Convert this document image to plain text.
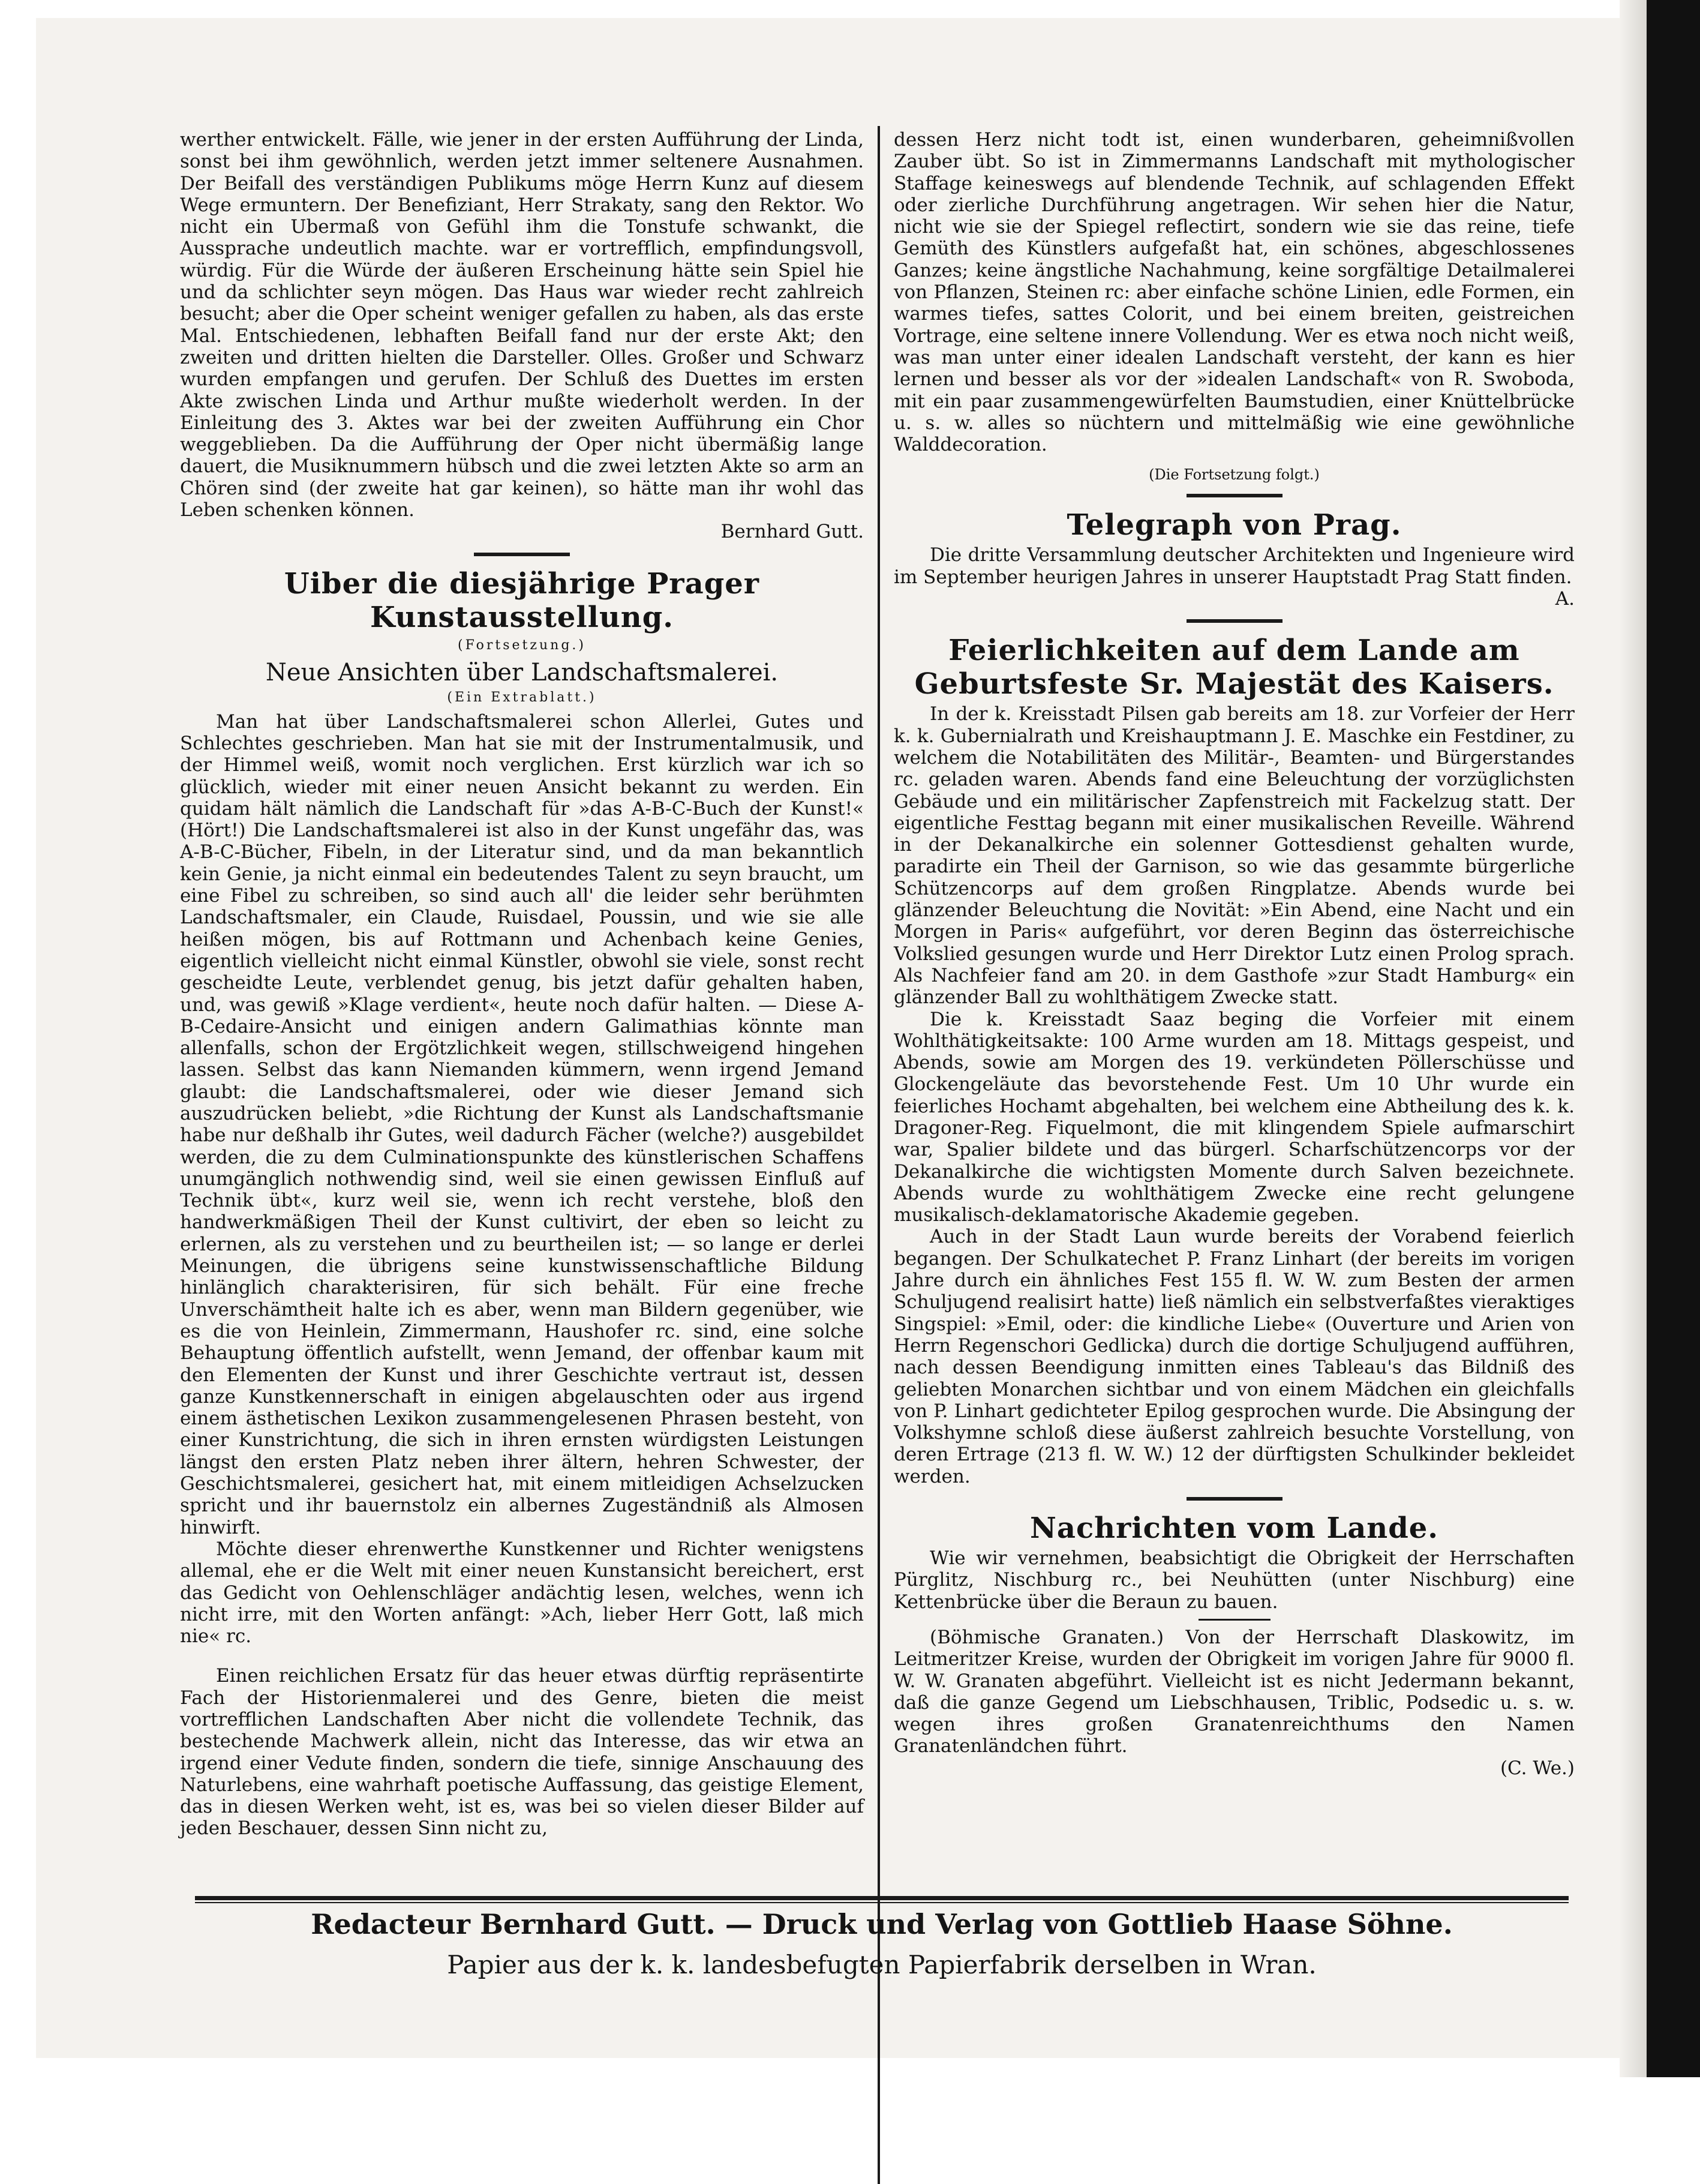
werther entwickelt. Fälle, wie jener in der ersten Aufführung der Linda, sonst bei ihm gewöhnlich, werden jetzt immer seltenere Ausnahmen. Der Beifall des verständigen Publikums möge Herrn Kunz auf diesem Wege ermuntern. Der Benefiziant, Herr Strakaty, sang den Rektor. Wo nicht ein Ubermaß von Gefühl ihm die Tonstufe schwankt, die Aussprache undeutlich machte. war er vortrefflich, empfindungsvoll, würdig. Für die Würde der äußeren Erscheinung hätte sein Spiel hie und da schlichter seyn mögen. Das Haus war wieder recht zahlreich besucht; aber die Oper scheint weniger gefallen zu haben, als das erste Mal. Entschiedenen, lebhaften Beifall fand nur der erste Akt; den zweiten und dritten hielten die Darsteller. Olles. Großer und Schwarz wurden empfangen und gerufen. Der Schluß des Duettes im ersten Akte zwischen Linda und Arthur mußte wiederholt werden. In der Einleitung des 3. Aktes war bei der zweiten Aufführung ein Chor weggeblieben. Da die Aufführung der Oper nicht übermäßig lange dauert, die Musiknummern hübsch und die zwei letzten Akte so arm an Chören sind (der zweite hat gar keinen), so hätte man ihr wohl das Leben schenken können.

Bernhard Gutt.
Uiber die diesjährige Prager Kunstausstellung.
(Fortsetzung.)
Neue Ansichten über Landschaftsmalerei.
(Ein Extrablatt.)

Man hat über Landschaftsmalerei schon Allerlei, Gutes und Schlechtes geschrieben. Man hat sie mit der Instrumentalmusik, und der Himmel weiß, womit noch verglichen. Erst kürzlich war ich so glücklich, wieder mit einer neuen Ansicht bekannt zu werden. Ein quidam hält nämlich die Landschaft für »das A-B-C-Buch der Kunst!« (Hört!) Die Landschaftsmalerei ist also in der Kunst ungefähr das, was A-B-C-Bücher, Fibeln, in der Literatur sind, und da man bekanntlich kein Genie, ja nicht einmal ein bedeutendes Talent zu seyn braucht, um eine Fibel zu schreiben, so sind auch all' die leider sehr berühmten Landschaftsmaler, ein Claude, Ruisdael, Poussin, und wie sie alle heißen mögen, bis auf Rottmann und Achenbach keine Genies, eigentlich vielleicht nicht einmal Künstler, obwohl sie viele, sonst recht gescheidte Leute, verblendet genug, bis jetzt dafür gehalten haben, und, was gewiß »Klage verdient«, heute noch dafür halten. — Diese A-B-Cedaire-Ansicht und einigen andern Galimathias könnte man allenfalls, schon der Ergötzlichkeit wegen, stillschweigend hingehen lassen. Selbst das kann Niemanden kümmern, wenn irgend Jemand glaubt: die Landschaftsmalerei, oder wie dieser Jemand sich auszudrücken beliebt, »die Richtung der Kunst als Landschaftsmanie habe nur deßhalb ihr Gutes, weil dadurch Fächer (welche?) ausgebildet werden, die zu dem Culminationspunkte des künstlerischen Schaffens unumgänglich nothwendig sind, weil sie einen gewissen Einfluß auf Technik übt«, kurz weil sie, wenn ich recht verstehe, bloß den handwerkmäßigen Theil der Kunst cultivirt, der eben so leicht zu erlernen, als zu verstehen und zu beurtheilen ist; — so lange er derlei Meinungen, die übrigens seine kunstwissenschaftliche Bildung hinlänglich charakterisiren, für sich behält. Für eine freche Unverschämtheit halte ich es aber, wenn man Bildern gegenüber, wie es die von Heinlein, Zimmermann, Haushofer rc. sind, eine solche Behauptung öffentlich aufstellt, wenn Jemand, der offenbar kaum mit den Elementen der Kunst und ihrer Geschichte vertraut ist, dessen ganze Kunstkennerschaft in einigen abgelauschten oder aus irgend einem ästhetischen Lexikon zusammengelesenen Phrasen besteht, von einer Kunstrichtung, die sich in ihren ernsten würdigsten Leistungen längst den ersten Platz neben ihrer ältern, hehren Schwester, der Geschichtsmalerei, gesichert hat, mit einem mitleidigen Achselzucken spricht und ihr bauernstolz ein albernes Zugeständniß als Almosen hinwirft.

Möchte dieser ehrenwerthe Kunstkenner und Richter wenigstens allemal, ehe er die Welt mit einer neuen Kunstansicht bereichert, erst das Gedicht von Oehlenschläger andächtig lesen, welches, wenn ich nicht irre, mit den Worten anfängt: »Ach, lieber Herr Gott, laß mich nie« rc.

Einen reichlichen Ersatz für das heuer etwas dürftig repräsentirte Fach der Historienmalerei und des Genre, bieten die meist vortrefflichen Landschaften Aber nicht die vollendete Technik, das bestechende Machwerk allein, nicht das Interesse, das wir etwa an irgend einer Vedute finden, sondern die tiefe, sinnige Anschauung des Naturlebens, eine wahrhaft poetische Auffassung, das geistige Element, das in diesen Werken weht, ist es, was bei so vielen dieser Bilder auf jeden Beschauer, dessen Sinn nicht zu,

dessen Herz nicht todt ist, einen wunderbaren, geheimnißvollen Zauber übt. So ist in Zimmermanns Landschaft mit mythologischer Staffage keineswegs auf blendende Technik, auf schlagenden Effekt oder zierliche Durchführung angetragen. Wir sehen hier die Natur, nicht wie sie der Spiegel reflectirt, sondern wie sie das reine, tiefe Gemüth des Künstlers aufgefaßt hat, ein schönes, abgeschlossenes Ganzes; keine ängstliche Nachahmung, keine sorgfältige Detailmalerei von Pflanzen, Steinen rc: aber einfache schöne Linien, edle Formen, ein warmes tiefes, sattes Colorit, und bei einem breiten, geistreichen Vortrage, eine seltene innere Vollendung. Wer es etwa noch nicht weiß, was man unter einer idealen Landschaft versteht, der kann es hier lernen und besser als vor der »idealen Landschaft« von R. Swoboda, mit ein paar zusammengewürfelten Baumstudien, einer Knüttelbrücke u. s. w. alles so nüchtern und mittelmäßig wie eine gewöhnliche Walddecoration.

(Die Fortsetzung folgt.)
Telegraph von Prag.

Die dritte Versammlung deutscher Architekten und Ingenieure wird im September heurigen Jahres in unserer Hauptstadt Prag Statt finden.

A.
Feierlichkeiten auf dem Lande am Geburtsfeste Sr. Majestät des Kaisers.

In der k. Kreisstadt Pilsen gab bereits am 18. zur Vorfeier der Herr k. k. Gubernialrath und Kreishauptmann J. E. Maschke ein Festdiner, zu welchem die Notabilitäten des Militär-, Beamten- und Bürgerstandes rc. geladen waren. Abends fand eine Beleuchtung der vorzüglichsten Gebäude und ein militärischer Zapfenstreich mit Fackelzug statt. Der eigentliche Festtag begann mit einer musikalischen Reveille. Während in der Dekanalkirche ein solenner Gottesdienst gehalten wurde, paradirte ein Theil der Garnison, so wie das gesammte bürgerliche Schützencorps auf dem großen Ringplatze. Abends wurde bei glänzender Beleuchtung die Novität: »Ein Abend, eine Nacht und ein Morgen in Paris« aufgeführt, vor deren Beginn das österreichische Volkslied gesungen wurde und Herr Direktor Lutz einen Prolog sprach. Als Nachfeier fand am 20. in dem Gasthofe »zur Stadt Hamburg« ein glänzender Ball zu wohlthätigem Zwecke statt.

Die k. Kreisstadt Saaz beging die Vorfeier mit einem Wohlthätigkeitsakte: 100 Arme wurden am 18. Mittags gespeist, und Abends, sowie am Morgen des 19. verkündeten Pöllerschüsse und Glockengeläute das bevorstehende Fest. Um 10 Uhr wurde ein feierliches Hochamt abgehalten, bei welchem eine Abtheilung des k. k. Dragoner-Reg. Fiquelmont, die mit klingendem Spiele aufmarschirt war, Spalier bildete und das bürgerl. Scharfschützencorps vor der Dekanalkirche die wichtigsten Momente durch Salven bezeichnete. Abends wurde zu wohlthätigem Zwecke eine recht gelungene musikalisch-deklamatorische Akademie gegeben.

Auch in der Stadt Laun wurde bereits der Vorabend feierlich begangen. Der Schulkatechet P. Franz Linhart (der bereits im vorigen Jahre durch ein ähnliches Fest 155 fl. W. W. zum Besten der armen Schuljugend realisirt hatte) ließ nämlich ein selbstverfaßtes vieraktiges Singspiel: »Emil, oder: die kindliche Liebe« (Ouverture und Arien von Herrn Regenschori Gedlicka) durch die dortige Schuljugend aufführen, nach dessen Beendigung inmitten eines Tableau's das Bildniß des geliebten Monarchen sichtbar und von einem Mädchen ein gleichfalls von P. Linhart gedichteter Epilog gesprochen wurde. Die Absingung der Volkshymne schloß diese äußerst zahlreich besuchte Vorstellung, von deren Ertrage (213 fl. W. W.) 12 der dürftigsten Schulkinder bekleidet werden.

Nachrichten vom Lande.

Wie wir vernehmen, beabsichtigt die Obrigkeit der Herrschaften Pürglitz, Nischburg rc., bei Neuhütten (unter Nischburg) eine Kettenbrücke über die Beraun zu bauen.

(Böhmische Granaten.) Von der Herrschaft Dlaskowitz, im Leitmeritzer Kreise, wurden der Obrigkeit im vorigen Jahre für 9000 fl. W. W. Granaten abgeführt. Vielleicht ist es nicht Jedermann bekannt, daß die ganze Gegend um Liebschhausen, Triblic, Podsedic u. s. w. wegen ihres großen Granatenreichthums den Namen Granatenländchen führt.

(C. We.)
Redacteur Bernhard Gutt. — Druck und Verlag von Gottlieb Haase Söhne.
Papier aus der k. k. landesbefugten Papierfabrik derselben in Wran.
